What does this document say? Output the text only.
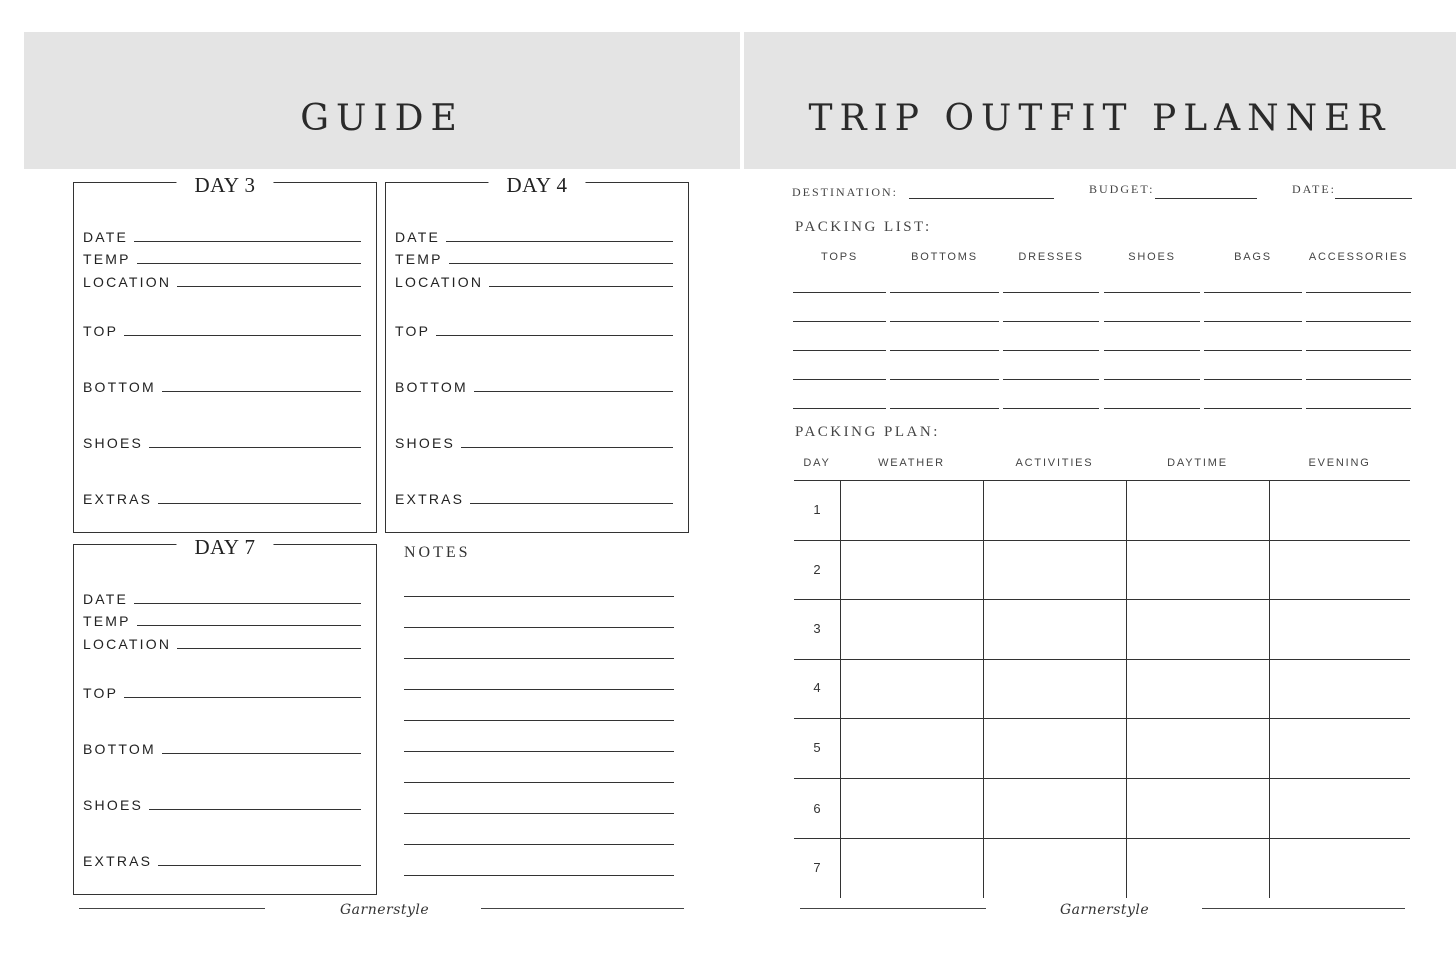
GUIDE
DAY 3
DATE
TEMP
LOCATION
TOP
BOTTOM
SHOES
EXTRAS
DAY 4
DATE
TEMP
LOCATION
TOP
BOTTOM
SHOES
EXTRAS
DAY 7
DATE
TEMP
LOCATION
TOP
BOTTOM
SHOES
EXTRAS
NOTES
Garnerstyle
TRIP OUTFIT PLANNER
DESTINATION:	BUDGET:	DATE:
PACKING LIST:
TOPS	BOTTOMS	DRESSES	SHOES	BAGS	ACCESSORIES
PACKING PLAN:
DAY	WEATHER	ACTIVITIES	DAYTIME	EVENING
1
2
3
4
5
6
7
Garnerstyle
